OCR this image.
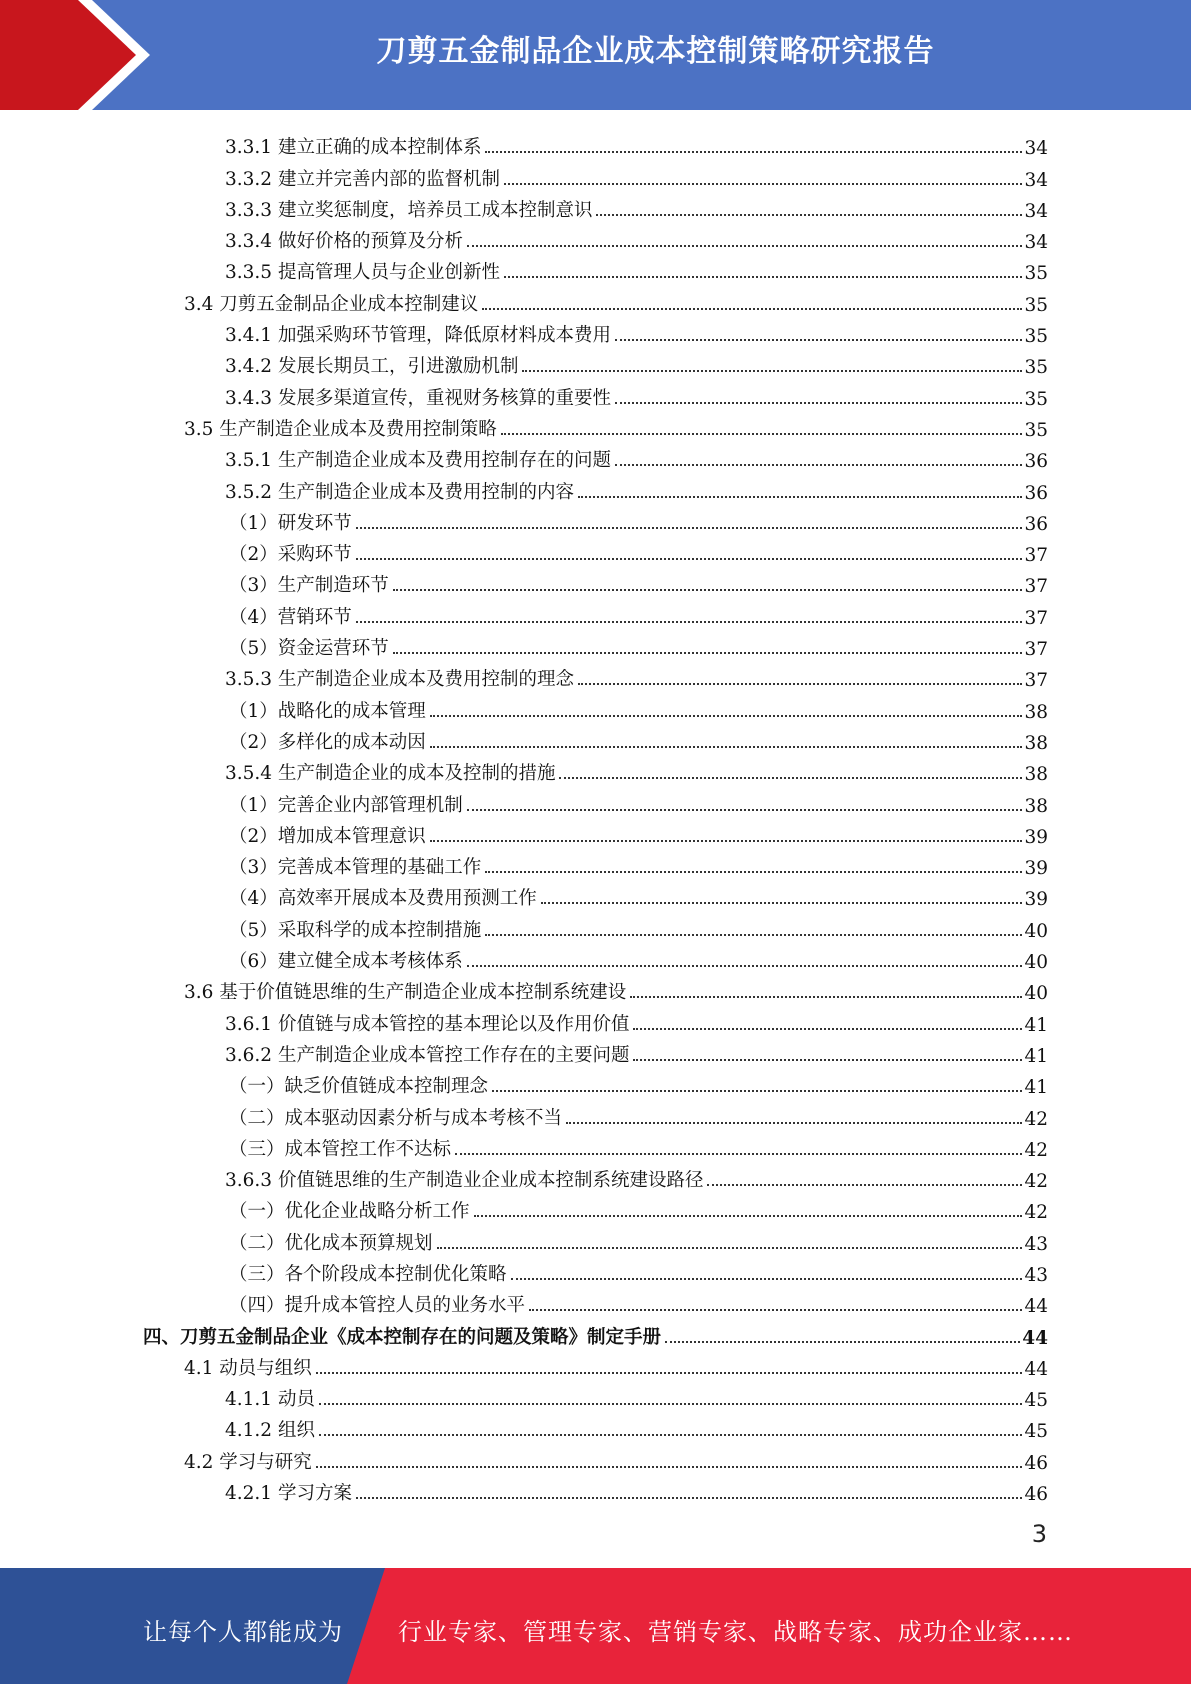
刀剪五金制品企业成本控制策略研究报告
3.3.1 建立正确的成本控制体系	34
3.3.2 建立并完善内部的监督机制	34
3.3.3 建立奖惩制度，培养员工成本控制意识	34
3.3.4 做好价格的预算及分析	34
3.3.5 提高管理人员与企业创新性	35
3.4 刀剪五金制品企业成本控制建议	35
3.4.1 加强采购环节管理，降低原材料成本费用	35
3.4.2 发展长期员工，引进激励机制	35
3.4.3 发展多渠道宣传，重视财务核算的重要性	35
3.5 生产制造企业成本及费用控制策略	35
3.5.1 生产制造企业成本及费用控制存在的问题	36
3.5.2 生产制造企业成本及费用控制的内容	36
（1）研发环节	36
（2）采购环节	37
（3）生产制造环节	37
（4）营销环节	37
（5）资金运营环节	37
3.5.3 生产制造企业成本及费用控制的理念	37
（1）战略化的成本管理	38
（2）多样化的成本动因	38
3.5.4 生产制造企业的成本及控制的措施	38
（1）完善企业内部管理机制	38
（2）增加成本管理意识	39
（3）完善成本管理的基础工作	39
（4）高效率开展成本及费用预测工作	39
（5）采取科学的成本控制措施	40
（6）建立健全成本考核体系	40
3.6 基于价值链思维的生产制造企业成本控制系统建设	40
3.6.1 价值链与成本管控的基本理论以及作用价值	41
3.6.2 生产制造企业成本管控工作存在的主要问题	41
（一）缺乏价值链成本控制理念	41
（二）成本驱动因素分析与成本考核不当	42
（三）成本管控工作不达标	42
3.6.3 价值链思维的生产制造业企业成本控制系统建设路径	42
（一）优化企业战略分析工作	42
（二）优化成本预算规划	43
（三）各个阶段成本控制优化策略	43
（四）提升成本管控人员的业务水平	44
四、刀剪五金制品企业《成本控制存在的问题及策略》制定手册	44
4.1 动员与组织	44
4.1.1 动员	45
4.1.2 组织	45
4.2 学习与研究	46
4.2.1 学习方案	46
3
让每个人都能成为 行业专家、管理专家、营销专家、战略专家、成功企业家……
